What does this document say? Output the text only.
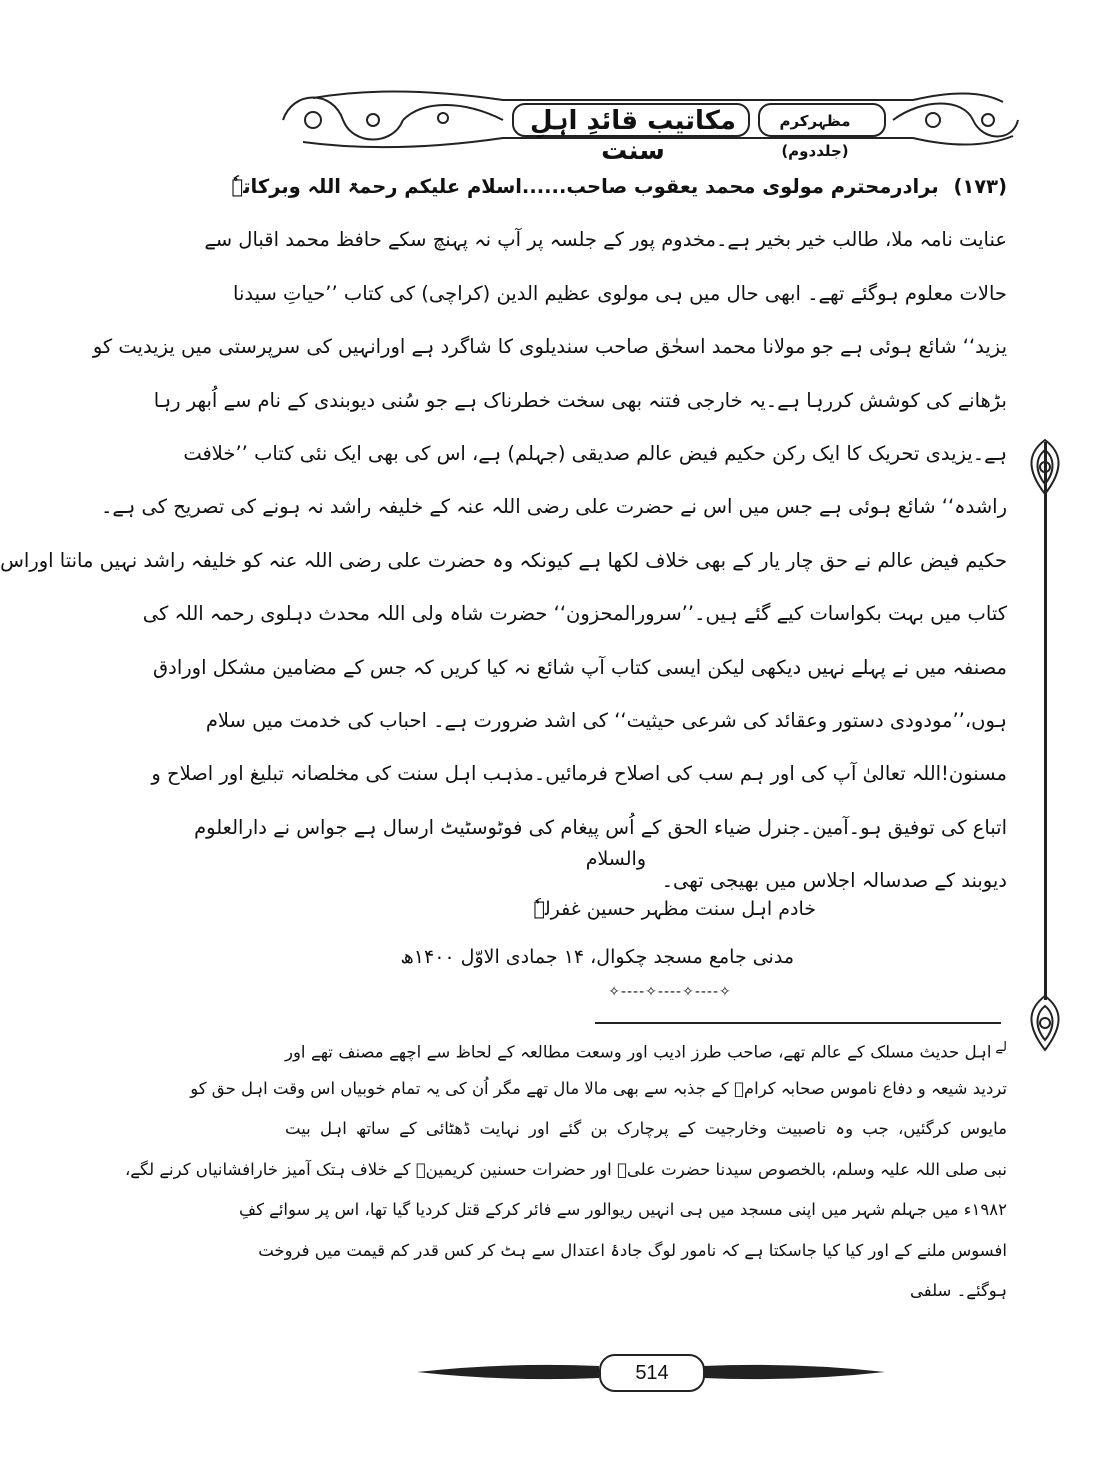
مکاتیب قائدِ اہلِ سنت
مظہرکرم (جلددوم)
(۱۷۳) برادرمحترم مولوی محمد یعقوب صاحب......اسلام علیکم رحمۃ اللہ وبرکاتہٗ
عنایت نامہ ملا، طالب خیر بخیر ہے۔مخدوم پور کے جلسہ پر آپ نہ پہنچ سکے حافظ محمد اقبال سے
حالات معلوم ہوگئے تھے۔ ابھی حال میں ہی مولوی عظیم الدین (کراچی) کی کتاب ’’حیاتِ سیدنا
یزید‘‘ شائع ہوئی ہے جو مولانا محمد اسحٰق صاحب سندیلوی کا شاگرد ہے اورانہیں کی سرپرستی میں یزیدیت کو
بڑھانے کی کوشش کررہا ہے۔یہ خارجی فتنہ بھی سخت خطرناک ہے جو سُنی دیوبندی کے نام سے اُبھر رہا
ہے۔یزیدی تحریک کا ایک رکن حکیم فیض عالم صدیقی (جہلم) ہے، اس کی بھی ایک نئی کتاب ’’خلافت
راشدہ‘‘ شائع ہوئی ہے جس میں اس نے حضرت علی رضی اللہ عنہ کے خلیفہ راشد نہ ہونے کی تصریح کی ہے۔
حکیم فیض عالم نے حق چار یار کے بھی خلاف لکھا ہے کیونکہ وہ حضرت علی رضی اللہ عنہ کو خلیفہ راشد نہیں مانتا اوراس
کتاب میں بہت بکواسات کیے گئے ہیں۔’’سرورالمحزون‘‘ حضرت شاہ ولی اللہ محدث دہلوی رحمہ اللہ کی
مصنفہ میں نے پہلے نہیں دیکھی لیکن ایسی کتاب آپ شائع نہ کیا کریں کہ جس کے مضامین مشکل اورادق
ہوں،’’مودودی دستور وعقائد کی شرعی حیثیت‘‘ کی اشد ضرورت ہے۔ احباب کی خدمت میں سلام
مسنون!اللہ تعالیٰ آپ کی اور ہم سب کی اصلاح فرمائیں۔مذہب اہل سنت کی مخلصانہ تبلیغ اور اصلاح و
اتباع کی توفیق ہو۔آمین۔جنرل ضیاء الحق کے اُس پیغام کی فوٹوسٹیٹ ارسال ہے جواس نے دارالعلوم
دیوبند کے صدسالہ اجلاس میں بھیجی تھی۔
والسلام
خادم اہل سنت مظہر حسین غفرلہٗ
مدنی جامع مسجد چکوال، ۱۴ جمادی الاوّل ۱۴۰۰ھ
✧----✧----✧----✧
$^{لے}$اہل حدیث مسلک کے عالم تھے، صاحب طرز ادیب اور وسعت مطالعہ کے لحاظ سے اچھے مصنف تھے اور
تردید شیعہ و دفاع ناموس صحابہ کرامؓ کے جذبہ سے بھی مالا مال تھے مگر اُن کی یہ تمام خوبیاں اس وقت اہل حق کو
مایوس کرگئیں، جب وہ ناصبیت وخارجیت کے پرچارک بن گئے اور نہایت ڈھٹائی کے ساتھ اہل بیت
نبی صلی اللہ علیہ وسلم، بالخصوص سیدنا حضرت علیؓ اور حضرات حسنین کریمینؓ کے خلاف ہتک آمیز خارافشانیاں کرنے لگے،
۱۹۸۲ء میں جہلم شہر میں اپنی مسجد میں ہی انہیں ریوالور سے فائر کرکے قتل کردیا گیا تھا، اس پر سوائے کفِ
افسوس ملنے کے اور کیا کیا جاسکتا ہے کہ نامور لوگ جادۂ اعتدال سے ہٹ کر کس قدر کم قیمت میں فروخت
ہوگئے۔ سلفی
514
